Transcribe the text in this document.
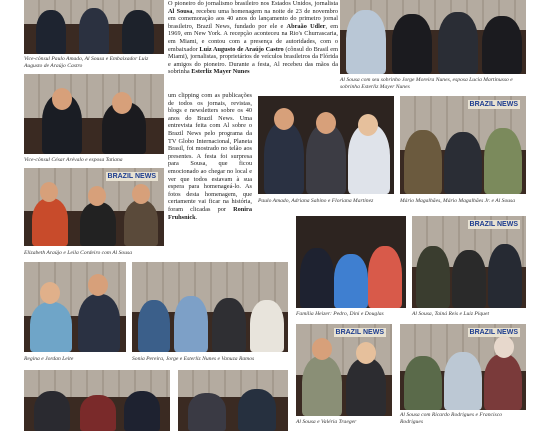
Vice-cônsul Paulo Amado, Al Sousa e Embaixador Luiz Augusto de Araújo Castro
Vice-cônsul César Arévalo e esposa Tatiana
BRAZIL NEWS
Elizabeth Araújo e Leila Cordeiro com Al Sousa
Regina e Jordan Leite	Sonia Pereira, Jorge e Esterliz Nunes e Vanuza Ramos
O pioneiro do jornalismo brasileiro nos Estados Unidos, jornalista Al Sousa, recebeu uma homenagem na noite de 23 de novembro em comemoração aos 40 anos do lançamento do primeiro jornal brasileiro, Brazil News, fundado por ele e Abraão Udler, em 1969, em New York. A recepção aconteceu na Rio's Churrascaria, em Miami, e contou com a presença de autoridades, com o embaixador Luiz Augusto de Araújo Castro (cônsul do Brasil em Miami), jornalistas, proprietários de veículos brasileiros da Flórida e amigos do pioneiro. Durante a festa, Al recebeu das mãos da sobrinha Esterliz Mayer Nunes
um clipping com as publicações de todos os jornais, revistas, blogs e newsletters sobre os 40 anos do Brazil News. Uma entrevista feita com Al sobre o Brazil News pelo programa da TV Globo Internacional, Planeta Brasil, foi mostrado no telão aos presentes. A festa foi surpresa para Sousa, que ficou emocionado ao chegar no local e ver que todos estavam à sua espera para homenageá-lo. As fotos desta homenagem, que certamente vai ficar na história, foram clicadas por Ronira Fruhsnick.
Al Sousa com seu sobrinho Jorge Moreira Nunes, esposa Lucia Martinusso e sobrinha Esterliz Mayer Nunes
Paulo Amado, Adriana Sabino e Floriana Martinez
BRAZIL NEWS
Mário Magalhães, Mário Magalhães Jr. e Al Sousa
Família Heizer: Pedro, Dini e Douglas
BRAZIL NEWS
Al Sousa, Tainá Reis e Luiz Piquet
BRAZIL NEWS
Al Sousa e Valéria Traeger
BRAZIL NEWS
Al Sousa com Ricardo Rodrigues e Francisco Rodrigues
